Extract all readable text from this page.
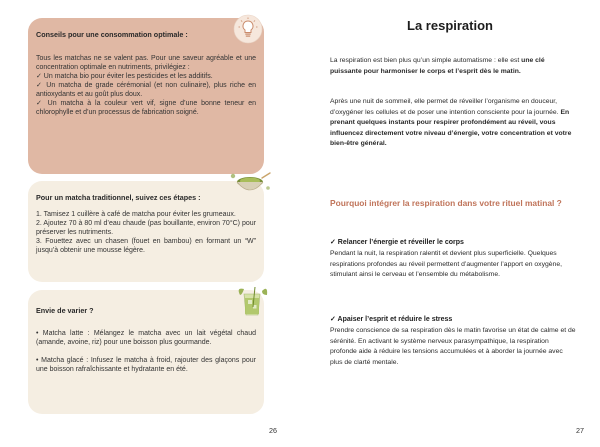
Conseils pour une consommation optimale :

Tous les matchas ne se valent pas. Pour une saveur agréable et une concentration optimale en nutriments, privilégiez :

✓ Un matcha bio pour éviter les pesticides et les additifs.

✓ Un matcha de grade cérémonial (et non culinaire), plus riche en antioxydants et au goût plus doux.

✓ Un matcha à la couleur vert vif, signe d’une bonne teneur en chlorophylle et d’un processus de fabrication soigné.

Pour un matcha traditionnel, suivez ces étapes :

1. Tamisez 1 cuillère à café de matcha pour éviter les grumeaux.

2. Ajoutez 70 à 80 ml d’eau chaude (pas bouillante, environ 70°C) pour préserver les nutriments.

3. Fouettez avec un chasen (fouet en bambou) en formant un “W” jusqu’à obtenir une mousse légère.

Envie de varier ?

• Matcha latte : Mélangez le matcha avec un lait végétal chaud (amande, avoine, riz) pour une boisson plus gourmande.

• Matcha glacé : Infusez le matcha à froid, rajouter des glaçons pour une boisson rafraîchissante et hydratante en été.

26
La respiration
La respiration est bien plus qu’un simple automatisme : elle est une clé puissante pour harmoniser le corps et l’esprit dès le matin.
Après une nuit de sommeil, elle permet de réveiller l’organisme en douceur, d’oxygéner les cellules et de poser une intention consciente pour la journée. En prenant quelques instants pour respirer profondément au réveil, vous influencez directement votre niveau d’énergie, votre concentration et votre bien-être général.
Pourquoi intégrer la respiration dans votre rituel matinal ?
✓ Relancer l’énergie et réveiller le corps
Pendant la nuit, la respiration ralentit et devient plus superficielle. Quelques respirations profondes au réveil permettent d’augmenter l’apport en oxygène, stimulant ainsi le cerveau et l’ensemble du métabolisme.
✓ Apaiser l’esprit et réduire le stress
Prendre conscience de sa respiration dès le matin favorise un état de calme et de sérénité. En activant le système nerveux parasympathique, la respiration profonde aide à réduire les tensions accumulées et à aborder la journée avec plus de clarté mentale.
27
